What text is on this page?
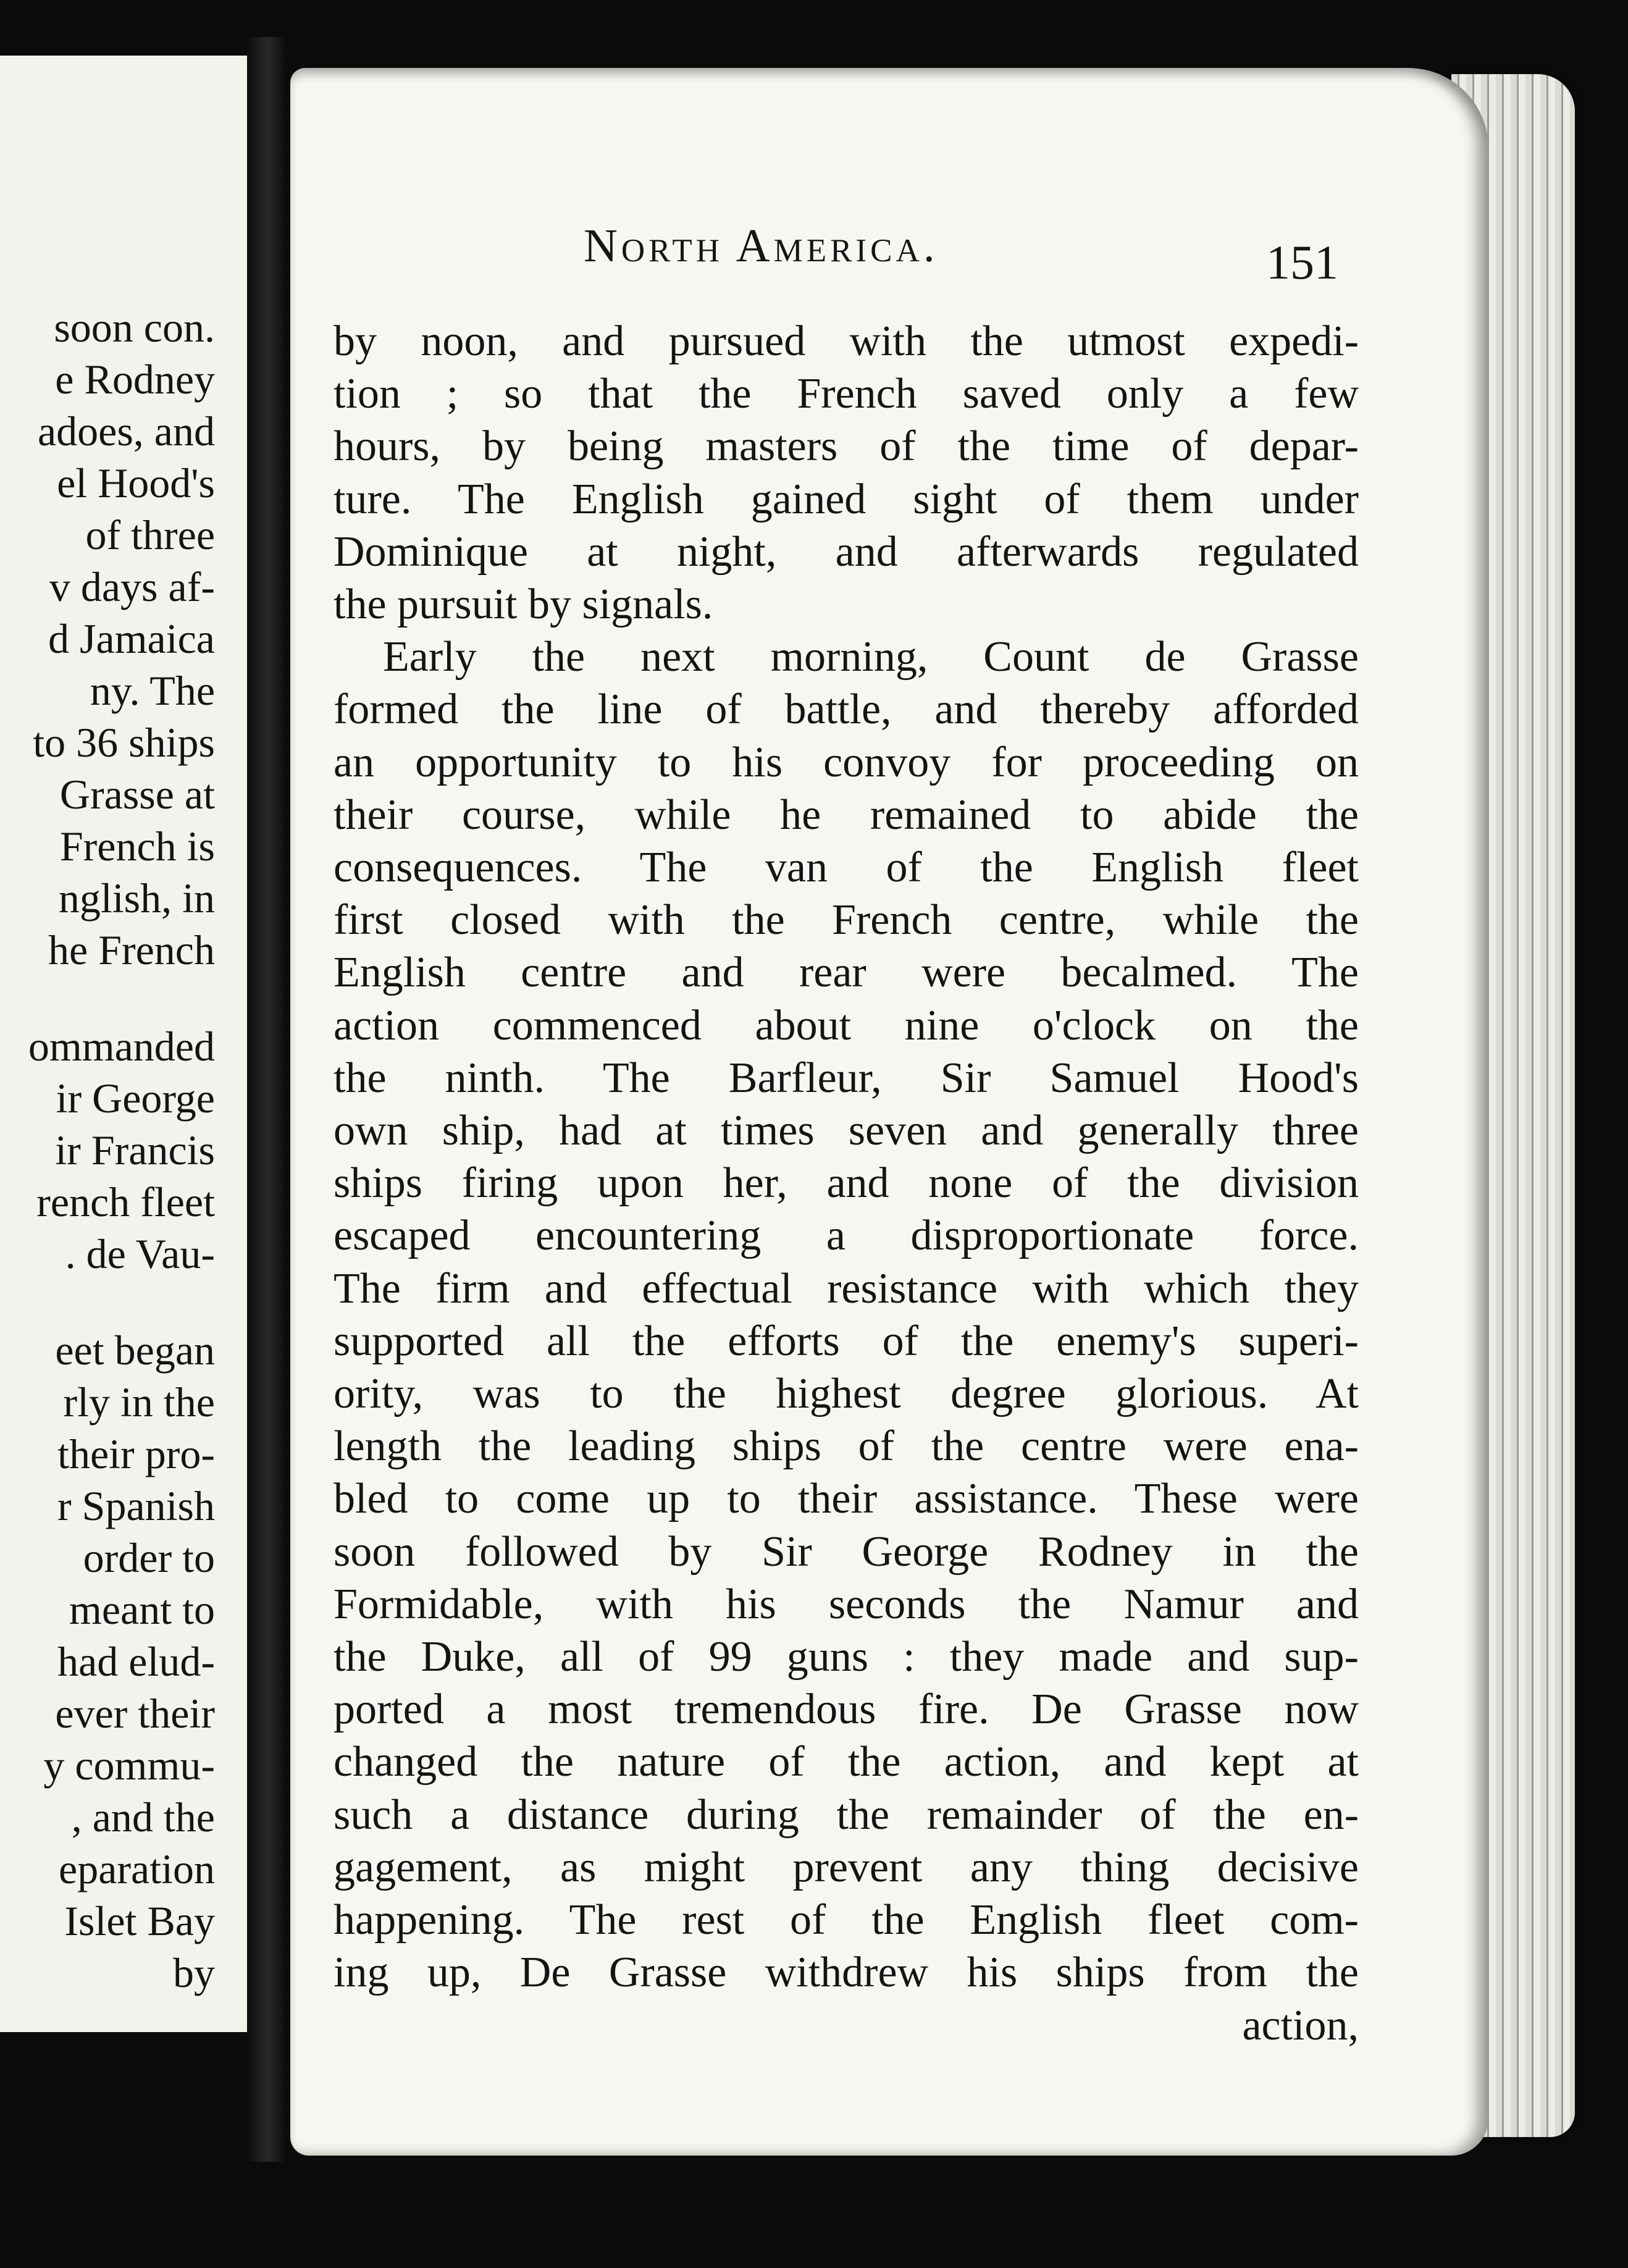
soon con.
e Rodney
adoes, and
el Hood's
of three
v days af-
d Jamaica
ny. The
to 36 ships
Grasse at
French is
nglish, in
he French
ommanded
ir George
ir Francis
rench fleet
. de Vau-
eet began
rly in the
their pro-
r Spanish
order to
meant to
had elud-
ever their
y commu-
, and the
eparation
Islet Bay
by
North America.	151
by noon, and pursued with the utmost expedi-
tion ; so that the French saved only a few
hours, by being masters of the time of depar-
ture. The English gained sight of them under
Dominique at night, and afterwards regulated
the pursuit by signals.
Early the next morning, Count de Grasse
formed the line of battle, and thereby afforded
an opportunity to his convoy for proceeding on
their course, while he remained to abide the
consequences. The van of the English fleet
first closed with the French centre, while the
English centre and rear were becalmed. The
action commenced about nine o'clock on the
the ninth. The Barfleur, Sir Samuel Hood's
own ship, had at times seven and generally three
ships firing upon her, and none of the division
escaped encountering a disproportionate force.
The firm and effectual resistance with which they
supported all the efforts of the enemy's superi-
ority, was to the highest degree glorious. At
length the leading ships of the centre were ena-
bled to come up to their assistance. These were
soon followed by Sir George Rodney in the
Formidable, with his seconds the Namur and
the Duke, all of 99 guns : they made and sup-
ported a most tremendous fire. De Grasse now
changed the nature of the action, and kept at
such a distance during the remainder of the en-
gagement, as might prevent any thing decisive
happening. The rest of the English fleet com-
ing up, De Grasse withdrew his ships from the
action,
